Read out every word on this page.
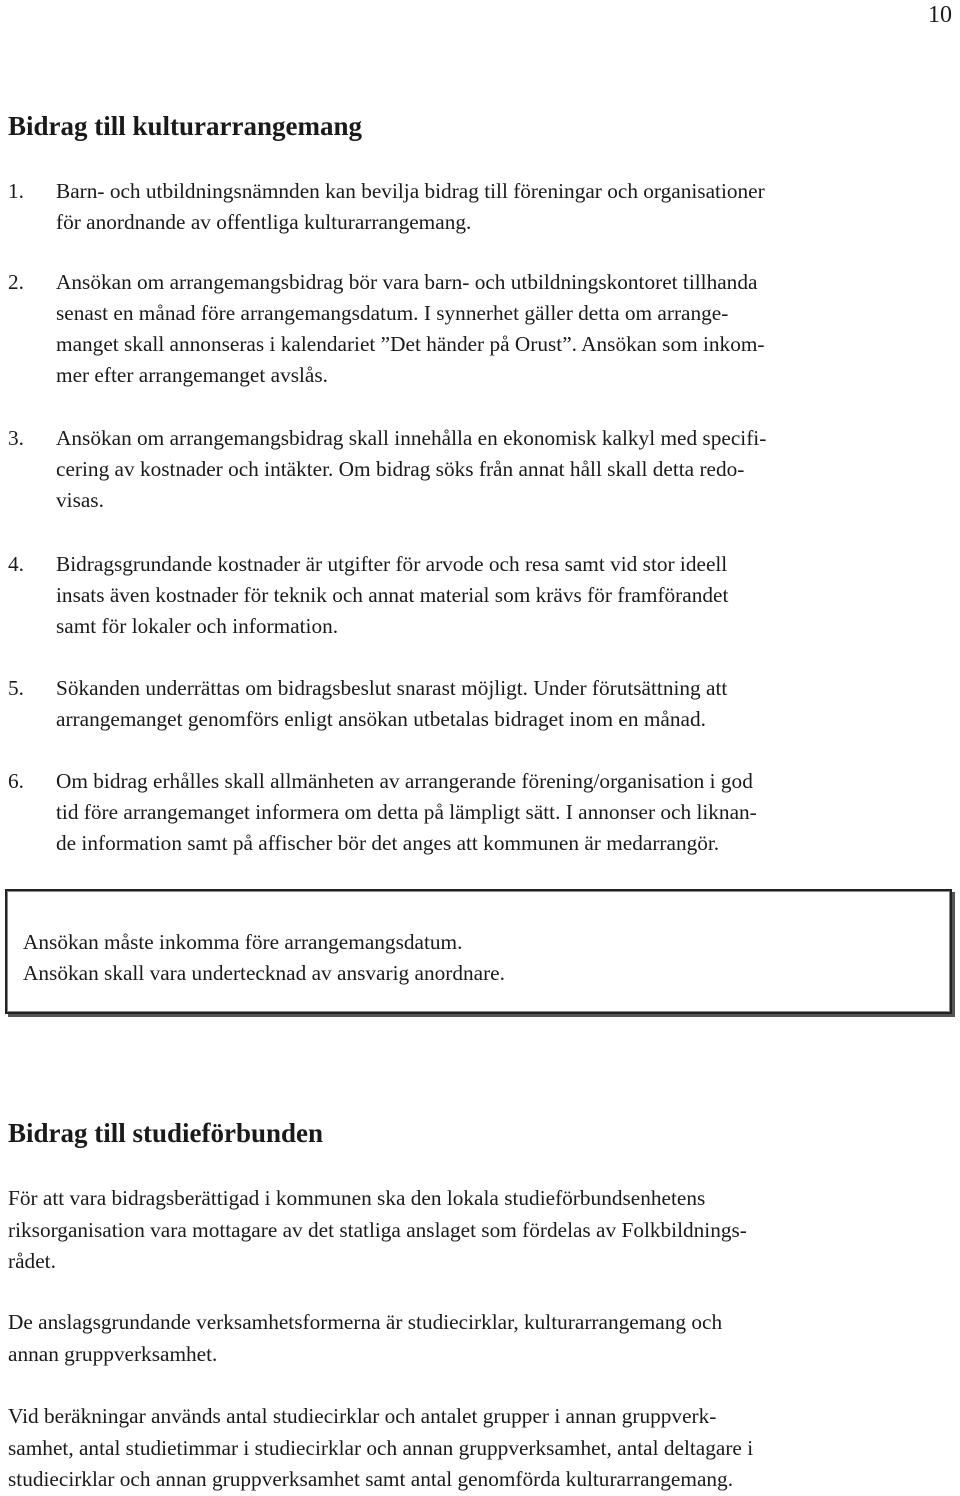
10
Bidrag till kulturarrangemang
1. Barn- och utbildningsnämnden kan bevilja bidrag till föreningar och organisationer
för anordnande av offentliga kulturarrangemang.
2. Ansökan om arrangemangsbidrag bör vara barn- och utbildningskontoret tillhanda
senast en månad före arrangemangsdatum. I synnerhet gäller detta om arrange-
manget skall annonseras i kalendariet ”Det händer på Orust”. Ansökan som inkom-
mer efter arrangemanget avslås.
3. Ansökan om arrangemangsbidrag skall innehålla en ekonomisk kalkyl med specifi-
cering av kostnader och intäkter. Om bidrag söks från annat håll skall detta redo-
visas.
4. Bidragsgrundande kostnader är utgifter för arvode och resa samt vid stor ideell
insats även kostnader för teknik och annat material som krävs för framförandet
samt för lokaler och information.
5. Sökanden underrättas om bidragsbeslut snarast möjligt. Under förutsättning att
arrangemanget genomförs enligt ansökan utbetalas bidraget inom en månad.
6. Om bidrag erhålles skall allmänheten av arrangerande förening/organisation i god
tid före arrangemanget informera om detta på lämpligt sätt. I annonser och liknan-
de information samt på affischer bör det anges att kommunen är medarrangör.
Ansökan måste inkomma före arrangemangsdatum.
Ansökan skall vara undertecknad av ansvarig anordnare.
Bidrag till studieförbunden
För att vara bidragsberättigad i kommunen ska den lokala studieförbundsenhetens
riksorganisation vara mottagare av det statliga anslaget som fördelas av Folkbildnings-
rådet.
De anslagsgrundande verksamhetsformerna är studiecirklar, kulturarrangemang och
annan gruppverksamhet.
Vid beräkningar används antal studiecirklar och antalet grupper i annan gruppverk-
samhet, antal studietimmar i studiecirklar och annan gruppverksamhet, antal deltagare i
studiecirklar och annan gruppverksamhet samt antal genomförda kulturarrangemang.
